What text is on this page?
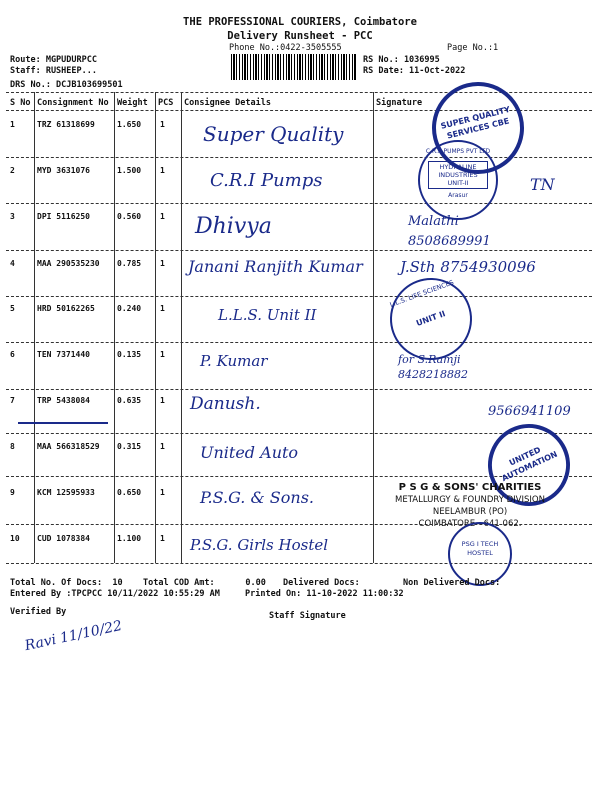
THE PROFESSIONAL COURIERS, Coimbatore
Delivery Runsheet - PCC
Phone No.:0422-3505555	Page No.:1
Route: MGPUDURPCC
Staff: RUSHEEP...
DRS No.: DCJB103699501
RS No.: 1036995
RS Date: 11-Oct-2022
S No Consignment No Weight PCS Consignee Details	Signature
1	TRZ 61318699	1.650 1 Super Quality
2	MYD 3631076	1.500 1	C.R.I Pumps	TN
3	DPI 5116250	0.560 1 Dhivya	Malathi 8508689991
4	MAA 290535230 0.785 1 Janani Ranjith Kumar	J.Sth 8754930096
5	HRD 50162265	0.240 1	L.L.S. Unit II
6	TEN 7371440	0.135 1 P. Kumar	for S.Ramji 8428218882
7	TRP 5438084	0.635 1 Danush.	9566941109
8	MAA 566318529 0.315 1 United Auto
9	KCM 12595933	0.650 1 P.S.G. & Sons.
10 CUD 1078384	1.100 1 P.S.G. Girls Hostel
SUPER QUALITY SERVICES CBE
C.R.I. PUMPS PVT LTD
HYDRALINE INDUSTRIES UNIT-II
Arasur
L.L.S. LIFE SCIENCES
UNIT II
UNITED AUTOMATION
P S G & SONS' CHARITIES
METALLURGY & FOUNDRY DIVISION
NEELAMBUR (PO)
COIMBATORE - 641 062.
PSG I TECH HOSTEL
Total No. Of Docs:  10 Total COD Amt:      0.00 Delivered Docs:	Non Delivered Docs:
Entered By :TPCPCC 10/11/2022 10:55:29 AM	Printed On: 11-10-2022 11:00:32
Verified By	Staff Signature
Ravi 11/10/22
